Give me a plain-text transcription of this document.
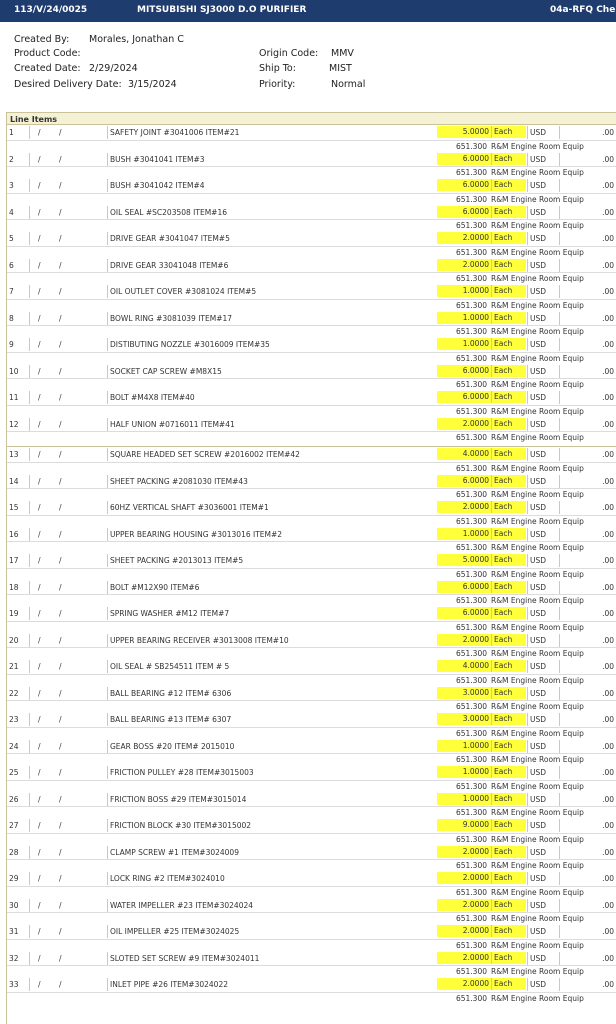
113/V/24/0025	MITSUBISHI SJ3000 D.O PURIFIER	04a-RFQ Che
Created By: Morales, Jonathan C
Product Code:
Created Date: 2/29/2024
Desired Delivery Date: 3/15/2024
Origin Code: MMV
Ship To:	MIST
Priority:	Normal
Line Items
1	/ /	SAFETY JOINT #3041006 ITEM#21	5.0000 Each	USD	.00
651.300 R&M Engine Room Equip
2	/ /	BUSH #3041041 ITEM#3	6.0000 Each	USD	.00
651.300 R&M Engine Room Equip
3	/ /	BUSH #3041042 ITEM#4	6.0000 Each	USD	.00
651.300 R&M Engine Room Equip
4	/ /	OIL SEAL #SC203508 ITEM#16	6.0000 Each	USD	.00
651.300 R&M Engine Room Equip
5	/ /	DRIVE GEAR #3041047 ITEM#5	2.0000 Each	USD	.00
651.300 R&M Engine Room Equip
6	/ /	DRIVE GEAR 33041048 ITEM#6	2.0000 Each	USD	.00
651.300 R&M Engine Room Equip
7	/ /	OIL OUTLET COVER #3081024 ITEM#5	1.0000 Each	USD	.00
651.300 R&M Engine Room Equip
8	/ /	BOWL RING #3081039 ITEM#17	1.0000 Each	USD	.00
651.300 R&M Engine Room Equip
9	/ /	DISTIBUTING NOZZLE #3016009 ITEM#35	1.0000 Each	USD	.00
651.300 R&M Engine Room Equip
10	/ /	SOCKET CAP SCREW #M8X15	6.0000 Each	USD	.00
651.300 R&M Engine Room Equip
11	/ /	BOLT #M4X8 ITEM#40	6.0000 Each	USD	.00
651.300 R&M Engine Room Equip
12	/ /	HALF UNION #0716011 ITEM#41	2.0000 Each	USD	.00
651.300 R&M Engine Room Equip
13	/ /	SQUARE HEADED SET SCREW #2016002 ITEM#42	4.0000 Each	USD	.00
651.300 R&M Engine Room Equip
14	/ /	SHEET PACKING #2081030 ITEM#43	6.0000 Each	USD	.00
651.300 R&M Engine Room Equip
15	/ /	60HZ VERTICAL SHAFT #3036001 ITEM#1	2.0000 Each	USD	.00
651.300 R&M Engine Room Equip
16	/ /	UPPER BEARING HOUSING #3013016 ITEM#2	1.0000 Each	USD	.00
651.300 R&M Engine Room Equip
17	/ /	SHEET PACKING #2013013 ITEM#5	5.0000 Each	USD	.00
651.300 R&M Engine Room Equip
18	/ /	BOLT #M12X90 ITEM#6	6.0000 Each	USD	.00
651.300 R&M Engine Room Equip
19	/ /	SPRING WASHER #M12 ITEM#7	6.0000 Each	USD	.00
651.300 R&M Engine Room Equip
20	/ /	UPPER BEARING RECEIVER #3013008 ITEM#10	2.0000 Each	USD	.00
651.300 R&M Engine Room Equip
21	/ /	OIL SEAL # SB254511 ITEM # 5	4.0000 Each	USD	.00
651.300 R&M Engine Room Equip
22	/ /	BALL BEARING #12 ITEM# 6306	3.0000 Each	USD	.00
651.300 R&M Engine Room Equip
23	/ /	BALL BEARING #13 ITEM# 6307	3.0000 Each	USD	.00
651.300 R&M Engine Room Equip
24	/ /	GEAR BOSS #20 ITEM# 2015010	1.0000 Each	USD	.00
651.300 R&M Engine Room Equip
25	/ /	FRICTION PULLEY #28 ITEM#3015003	1.0000 Each	USD	.00
651.300 R&M Engine Room Equip
26	/ /	FRICTION BOSS #29 ITEM#3015014	1.0000 Each	USD	.00
651.300 R&M Engine Room Equip
27	/ /	FRICTION BLOCK #30 ITEM#3015002	9.0000 Each	USD	.00
651.300 R&M Engine Room Equip
28	/ /	CLAMP SCREW #1 ITEM#3024009	2.0000 Each	USD	.00
651.300 R&M Engine Room Equip
29	/ /	LOCK RING #2 ITEM#3024010	2.0000 Each	USD	.00
651.300 R&M Engine Room Equip
30	/ /	WATER IMPELLER #23 ITEM#3024024	2.0000 Each	USD	.00
651.300 R&M Engine Room Equip
31	/ /	OIL IMPELLER #25 ITEM#3024025	2.0000 Each	USD	.00
651.300 R&M Engine Room Equip
32	/ /	SLOTED SET SCREW #9 ITEM#3024011	2.0000 Each	USD	.00
651.300 R&M Engine Room Equip
33	/ /	INLET PIPE #26 ITEM#3024022	2.0000 Each	USD	.00
651.300 R&M Engine Room Equip
